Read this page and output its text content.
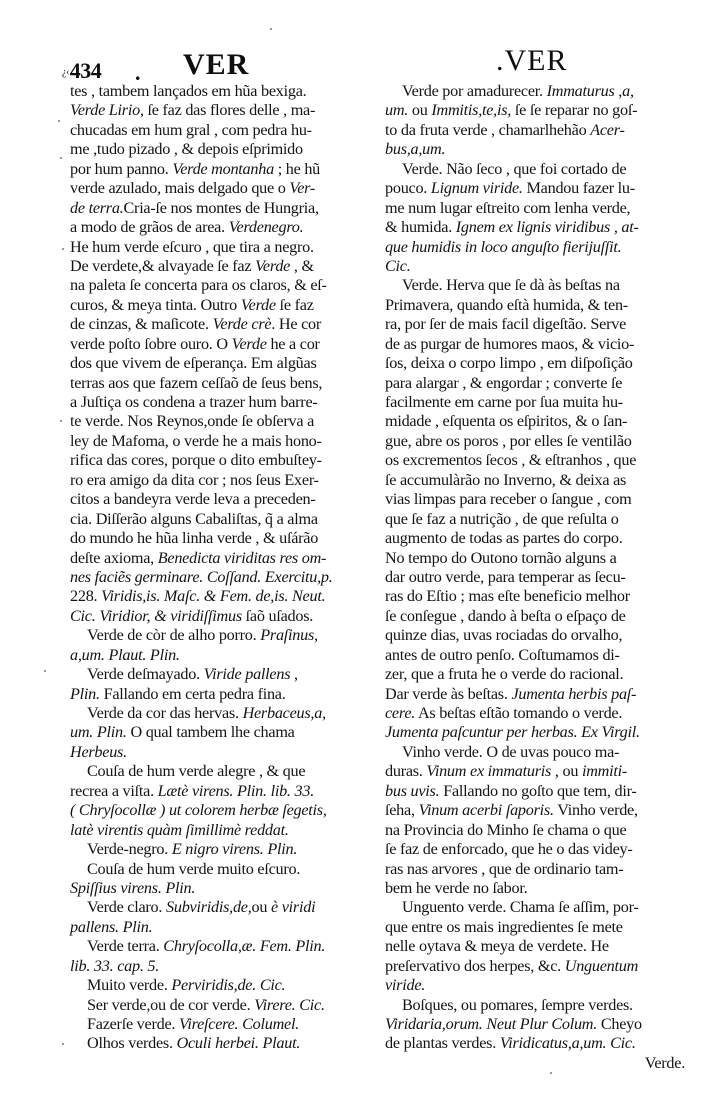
¿‹434 . VER	.VER
tes , tambem lançados em hũa bexiga.
Verde Lirio, ſe faz das flores delle , ma-
chucadas em hum gral , com pedra hu-
me ,tudo pizado , & depois eſprimido
por hum panno. Verde montanha ; he hũ
verde azulado, mais delgado que o Ver-
de terra.Cria-ſe nos montes de Hungria,
a modo de grãos de area. Verdenegro.
He hum verde eſcuro , que tira a negro.
De verdete,& alvayade ſe faz Verde , &
na paleta ſe concerta para os claros, & eſ-
curos, & meya tinta. Outro Verde ſe faz
de cinzas, & maſicote. Verde crè. He cor
verde poſto ſobre ouro. O Verde he a cor
dos que vivem de eſperança. Em algũas
terras aos que fazem ceſſaõ de ſeus bens,
a Juſtiça os condena a trazer hum barre-
te verde. Nos Reynos,onde ſe obſerva a
ley de Mafoma, o verde he a mais hono-
rifica das cores, porque o dito embuſtey-
ro era amigo da dita cor ; nos ſeus Exer-
citos a bandeyra verde leva a preceden-
cia. Diſſerão alguns Cabaliſtas, q̃ a alma
do mundo he hũa linha verde , & uſárão
deſte axioma, Benedicta viriditas res om-
nes faciẽs germinare. Coſſand. Exercitu,p.
228. Viridis,is. Maſc. & Fem. de,is. Neut.
Cic. Viridior, & viridiſſimus ſaõ uſados.
Verde de còr de alho porro. Praſinus,
a,um. Plaut. Plin.
Verde deſmayado. Viride pallens ,
Plin. Fallando em certa pedra fina.
Verde da cor das hervas. Herbaceus,a,
um. Plin. O qual tambem lhe chama
Herbeus.
Couſa de hum verde alegre , & que
recrea a viſta. Lætè virens. Plin. lib. 33.
( Chryſocollæ ) ut colorem herbæ ſegetis,
latè virentis quàm ſimillimè reddat.
Verde-negro. E nigro virens. Plin.
Couſa de hum verde muito eſcuro.
Spiſſius virens. Plin.
Verde claro. Subviridis,de,ou è viridi
pallens. Plin.
Verde terra. Chryſocolla,æ. Fem. Plin.
lib. 33. cap. 5.
Muito verde. Perviridis,de. Cic.
Ser verde,ou de cor verde. Virere. Cic.
Fazerſe verde. Vireſcere. Columel.
Olhos verdes. Oculi herbei. Plaut.
Verde por amadurecer. Immaturus ,a,
um. ou Immitis,te,is, ſe ſe reparar no goſ-
to da fruta verde , chamarlhehão Acer-
bus,a,um.
Verde. Não ſeco , que foi cortado de
pouco. Lignum viride. Mandou fazer lu-
me num lugar eſtreito com lenha verde,
& humida. Ignem ex lignis viridibus , at-
que humidis in loco anguſto fierijuſſit.
Cic.
Verde. Herva que ſe dà às beſtas na
Primavera, quando eſtà humida, & ten-
ra, por ſer de mais facil digeſtão. Serve
de as purgar de humores maos, & vicio-
ſos, deixa o corpo limpo , em diſpoſição
para alargar , & engordar ; converte ſe
facilmente em carne por ſua muita hu-
midade , eſquenta os eſpiritos, & o ſan-
gue, abre os poros , por elles ſe ventilão
os excrementos ſecos , & eſtranhos , que
ſe accumulàrão no Inverno, & deixa as
vias limpas para receber o ſangue , com
que ſe faz a nutrição , de que reſulta o
augmento de todas as partes do corpo.
No tempo do Outono tornão alguns a
dar outro verde, para temperar as ſecu-
ras do Eſtio ; mas eſte beneficio melhor
ſe conſegue , dando à beſta o eſpaço de
quinze dias, uvas rociadas do orvalho,
antes de outro penſo. Coſtumamos di-
zer, que a fruta he o verde do racional.
Dar verde às beſtas. Jumenta herbis paſ-
cere. As beſtas eſtão tomando o verde.
Jumenta paſcuntur per herbas. Ex Virgil.
Vinho verde. O de uvas pouco ma-
duras. Vinum ex immaturis , ou immiti-
bus uvis. Fallando no goſto que tem, dir-
ſeha, Vinum acerbi ſaporis. Vinho verde,
na Provincia do Minho ſe chama o que
ſe faz de enforcado, que he o das videy-
ras nas arvores , que de ordinario tam-
bem he verde no ſabor.
Unguento verde. Chama ſe aſſim, por-
que entre os mais ingredientes ſe mete
nelle oytava & meya de verdete. He
preſervativo dos herpes, &c. Unguentum
viride.
Boſques, ou pomares, ſempre verdes.
Viridaria,orum. Neut Plur Colum. Cheyo
de plantas verdes. Viridicatus,a,um. Cic.
Verde.
